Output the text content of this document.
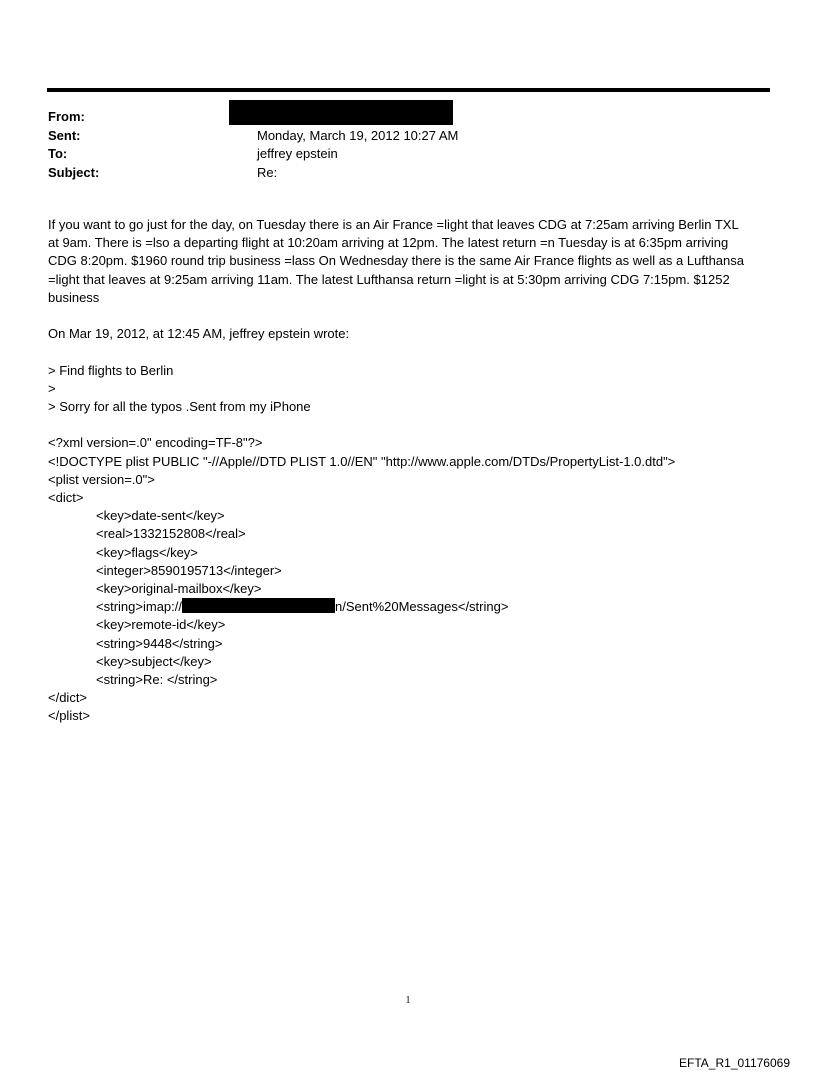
From:
Sent:	Monday, March 19, 2012 10:27 AM
To:	jeffrey epstein
Subject:	Re:
If you want to go just for the day, on Tuesday there is an Air France =light that leaves CDG at 7:25am arriving Berlin TXL
at 9am. There is =lso a departing flight at 10:20am arriving at 12pm. The latest return =n Tuesday is at 6:35pm arriving
CDG 8:20pm. $1960 round trip business =lass On Wednesday there is the same Air France flights as well as a Lufthansa
=light that leaves at 9:25am arriving 11am. The latest Lufthansa return =light is at 5:30pm arriving CDG 7:15pm. $1252
business
On Mar 19, 2012, at 12:45 AM, jeffrey epstein wrote:
> Find flights to Berlin
>
> Sorry for all the typos .Sent from my iPhone
<?xml version=.0" encoding=TF-8"?>
<!DOCTYPE plist PUBLIC "-//Apple//DTD PLIST 1.0//EN" "http://www.apple.com/DTDs/PropertyList-1.0.dtd">
<plist version=.0">
<dict>
<key>date-sent</key>
<real>1332152808</real>
<key>flags</key>
<integer>8590195713</integer>
<key>original-mailbox</key>
<string>imap://	n/Sent%20Messages</string>
<key>remote-id</key>
<string>9448</string>
<key>subject</key>
<string>Re: </string>
</dict>
</plist>
1
EFTA_R1_01176069
